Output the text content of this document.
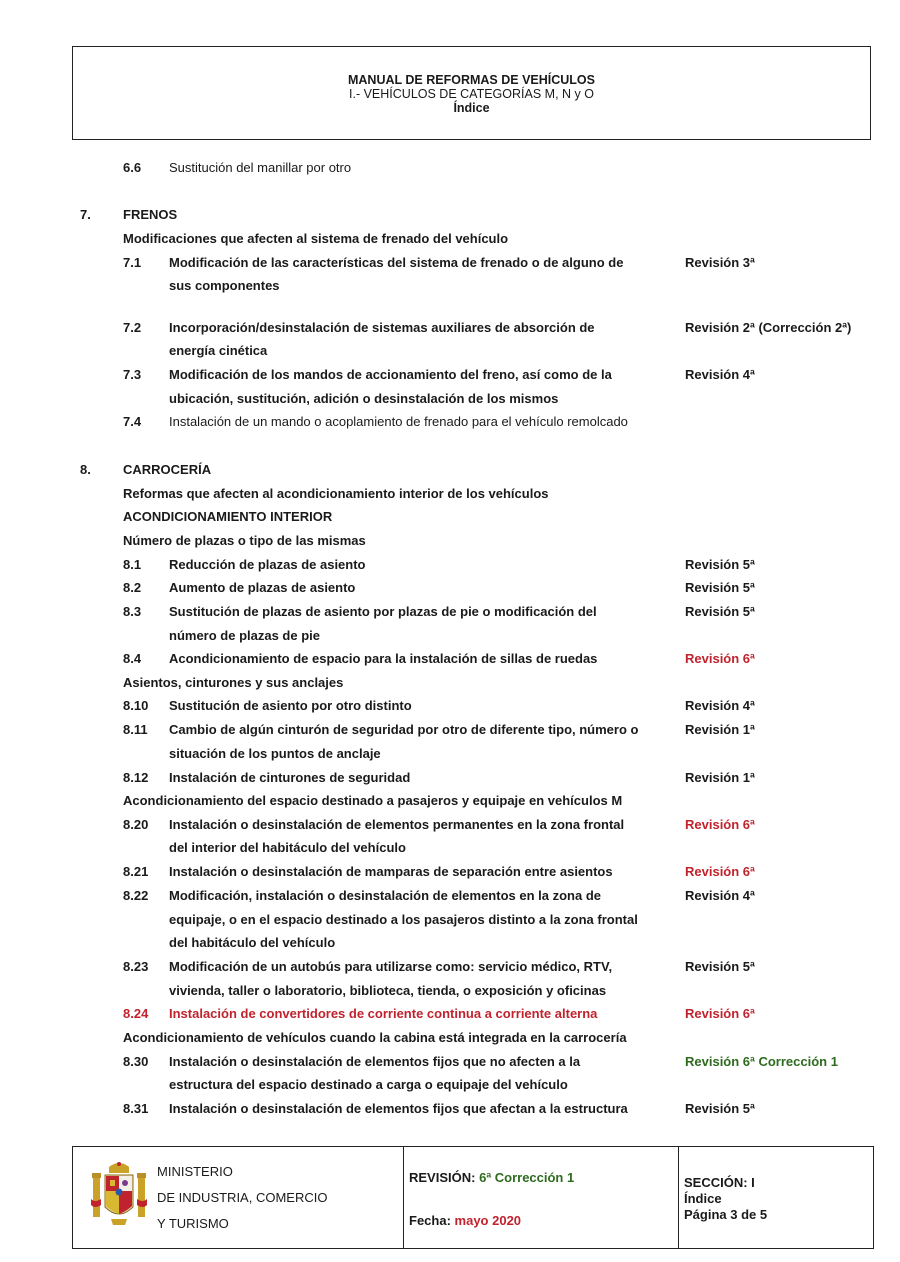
MANUAL DE REFORMAS DE VEHÍCULOS
I.- VEHÍCULOS DE CATEGORÍAS M, N y O
Índice
6.6 Sustitución del manillar por otro
7. FRENOS
Modificaciones que afecten al sistema de frenado del vehículo
7.1 Modificación de las características del sistema de frenado o de alguno de	Revisión 3ª
sus componentes
7.2 Incorporación/desinstalación de sistemas auxiliares de absorción de	Revisión 2ª (Corrección 2ª)
energía cinética
7.3 Modificación de los mandos de accionamiento del freno, así como de la	Revisión 4ª
ubicación, sustitución, adición o desinstalación de los mismos
7.4 Instalación de un mando o acoplamiento de frenado para el vehículo remolcado
8. CARROCERÍA
Reformas que afecten al acondicionamiento interior de los vehículos
ACONDICIONAMIENTO INTERIOR
Número de plazas o tipo de las mismas
8.1 Reducción de plazas de asiento	Revisión 5ª
8.2 Aumento de plazas de asiento	Revisión 5ª
8.3 Sustitución de plazas de asiento por plazas de pie o modificación del	Revisión 5ª
número de plazas de pie
8.4 Acondicionamiento de espacio para la instalación de sillas de ruedas	Revisión 6ª
Asientos, cinturones y sus anclajes
8.10 Sustitución de asiento por otro distinto	Revisión 4ª
8.11 Cambio de algún cinturón de seguridad por otro de diferente tipo, número o	Revisión 1ª
situación de los puntos de anclaje
8.12 Instalación de cinturones de seguridad	Revisión 1ª
Acondicionamiento del espacio destinado a pasajeros y equipaje en vehículos M
8.20 Instalación o desinstalación de elementos permanentes en la zona frontal	Revisión 6ª
del interior del habitáculo del vehículo
8.21 Instalación o desinstalación de mamparas de separación entre asientos	Revisión 6ª
8.22 Modificación, instalación o desinstalación de elementos en la zona de	Revisión 4ª
equipaje, o en el espacio destinado a los pasajeros distinto a la zona frontal
del habitáculo del vehículo
8.23 Modificación de un autobús para utilizarse como: servicio médico, RTV,	Revisión 5ª
vivienda, taller o laboratorio, biblioteca, tienda, o exposición y oficinas
8.24 Instalación de convertidores de corriente continua a corriente alterna	Revisión 6ª
Acondicionamiento de vehículos cuando la cabina está integrada en la carrocería
8.30 Instalación o desinstalación de elementos fijos que no afecten a la	Revisión 6ª Corrección 1
estructura del espacio destinado a carga o equipaje del vehículo
8.31 Instalación o desinstalación de elementos fijos que afectan a la estructura	Revisión 5ª
MINISTERIO
DE INDUSTRIA, COMERCIO
Y TURISMO
REVISIÓN: 6ª Corrección 1
Fecha: mayo 2020
SECCIÓN: I
Índice
Página 3 de 5
